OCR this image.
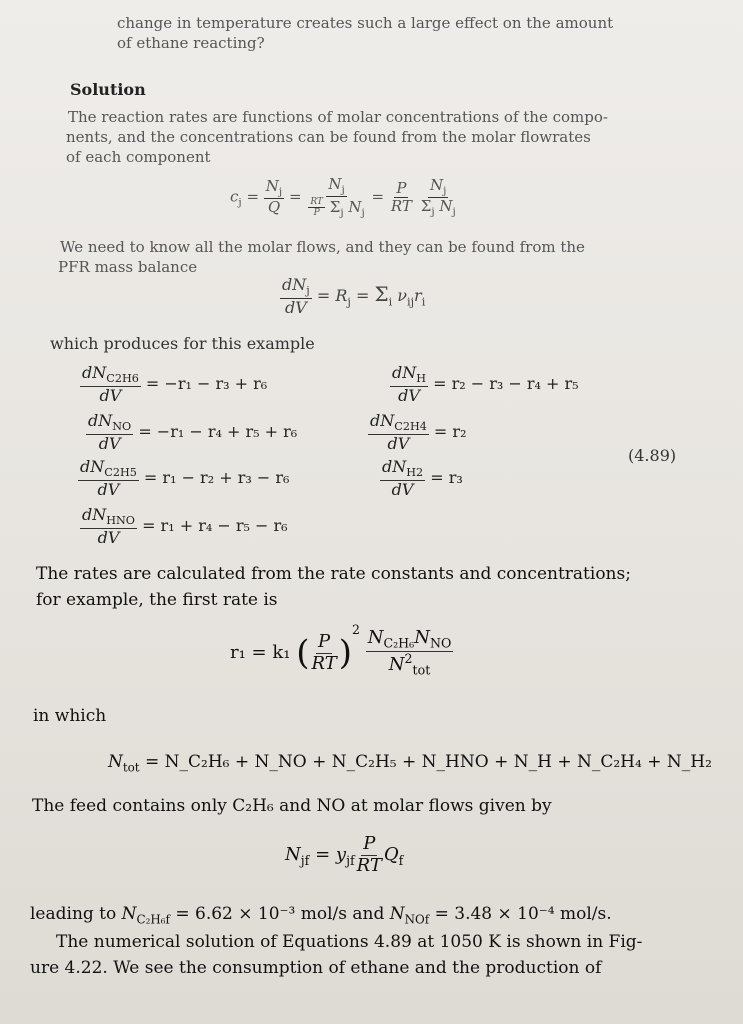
change in temperature creates such a large effect on the amount

of ethane reacting?

Solution

The reaction rates are functions of molar concentrations of the compo-

nents, and the concentrations can be found from the molar flowrates

of each component

$c_j = \frac{N_j}{Q} = \frac{N_j}{\frac{RT}{P} \Sigma_j N_j} = \frac{P}{RT}$
$\frac{N_j}{\Sigma_j N_j}$

We need to know all the molar flows, and they can be found from the

PFR mass balance

$\frac{dN_j}{dV} = R_j = \Sigma_i$ $\nu_{ij}r_i$

which produces for this example

$\frac{dN_{C2H6}}{dV} = -r_1 - r_3 + r_6$	$\frac{dN_H}{dV} = r_2 - r_3 - r_4 + r_5$
$\frac{dN_{NO}}{dV} = -r_1 - r_4 + r_5 + r_6$	$\frac{dN_{C2H4}}{dV} = r_2$
(4.89)
$\frac{dN_{C2H5}}{dV} = r_1 - r_2 + r_3 - r_6$	$\frac{dN_{H2}}{dV} = r_3$
$\frac{dN_{HNO}}{dV} = r_1 + r_4 - r_5 - r_6$

The rates are calculated from the rate constants and concentrations;

for example, the first rate is

r₁ = k₁ ( $\frac{P}{RT} )^2 \frac{N_{C_2H_6}N_{NO}}{N^2_{tot}}$

in which

$N_{tot}$ = N_C₂H₆ + N_NO + N_C₂H₅ + N_HNO + N_H + N_C₂H₄ + N_H₂

The feed contains only C₂H₆ and NO at molar flows given by

$N_{jf} = y_{jf} \frac{P}{RT} Q_f$
leading to $N_{C_2H_6f} = 6.62 \times 10^{-3}$ mol/s and $N_{NOf} = 3.48 \times 10^{-4}$ mol/s.

The numerical solution of Equations 4.89 at 1050 K is shown in Fig-

ure 4.22. We see the consumption of ethane and the production of
